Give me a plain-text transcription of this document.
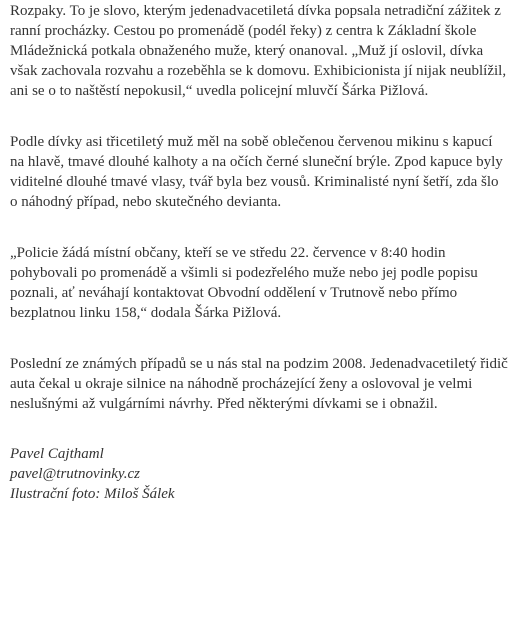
Rozpaky. To je slovo, kterým jedenadvacetiletá dívka popsala netradiční zážitek z ranní procházky. Cestou po promenádě (podél řeky) z centra k Základní škole Mládežnická potkala obnaženého muže, který onanoval. „Muž jí oslovil, dívka však zachovala rozvahu a rozeběhla se k domovu. Exhibicionista jí nijak neublížil, ani se o to naštěstí nepokusil,“ uvedla policejní mluvčí Šárka Pižlová.

Podle dívky asi třicetiletý muž měl na sobě oblečenou červenou mikinu s kapucí na hlavě, tmavé dlouhé kalhoty a na očích černé sluneční brýle. Zpod kapuce byly viditelné dlouhé tmavé vlasy, tvář byla bez vousů. Kriminalisté nyní šetří, zda šlo o náhodný případ, nebo skutečného devianta.

„Policie žádá místní občany, kteří se ve středu 22. července v 8:40 hodin pohybovali po promenádě a všimli si podezřelého muže nebo jej podle popisu poznali, ať neváhají kontaktovat Obvodní oddělení v Trutnově nebo přímo bezplatnou linku 158,“ dodala Šárka Pižlová.

Poslední ze známých případů se u nás stal na podzim 2008. Jedenadvacetiletý řidič auta čekal u okraje silnice na náhodně procházející ženy a oslovoval je velmi neslušnými až vulgárními návrhy. Před některými dívkami se i obnažil.

Pavel Cajthaml
pavel@trutnovinky.cz
Ilustrační foto: Miloš Šálek
